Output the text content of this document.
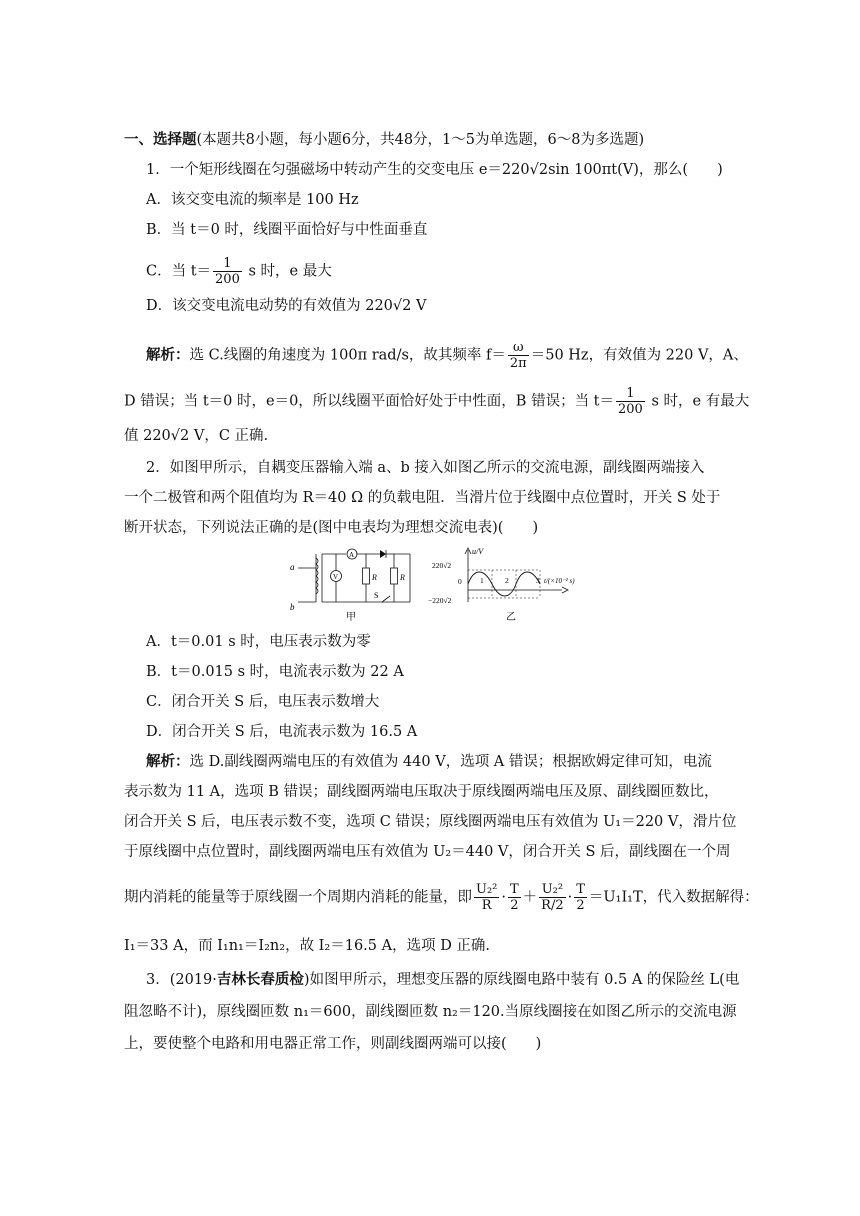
一、选择题(本题共8小题，每小题6分，共48分，1～5为单选题，6～8为多选题)
1．一个矩形线圈在匀强磁场中转动产生的交变电压 e＝220√2sin 100πt(V)，那么(　　)
A．该交变电流的频率是 100 Hz
B．当 t＝0 时，线圈平面恰好与中性面垂直
C．当 $t= \frac{1}{200}$ s 时，e 最大
D．该交变电流电动势的有效值为 220√2 V
解析：选 C.线圈的角速度为 100π rad/s，故其频率 $f= \frac{\omega}{2\pi} =50$ Hz，有效值为 220 V，A、
D 错误；当 t＝0 时，e＝0，所以线圈平面恰好处于中性面，B 错误；当 $t= \frac{1}{200}$ s 时，e 有最大
值 220√2 V，C 正确.
2．如图甲所示，自耦变压器输入端 a、b 接入如图乙所示的交流电源，副线圈两端接入
一个二极管和两个阻值均为 R＝40 Ω 的负载电阻．当滑片位于线圈中点位置时，开关 S 处于
断开状态，下列说法正确的是(图中电表均为理想交流电表)(　　)
a
b
A
V	R	R
S
甲
u/V
220√2
0
−220√2
1	2	3 t/(×10⁻² s)
乙
A．t＝0.01 s 时，电压表示数为零
B．t＝0.015 s 时，电流表示数为 22 A
C．闭合开关 S 后，电压表示数增大
D．闭合开关 S 后，电流表示数为 16.5 A
解析：选 D.副线圈两端电压的有效值为 440 V，选项 A 错误；根据欧姆定律可知，电流
表示数为 11 A，选项 B 错误；副线圈两端电压取决于原线圈两端电压及原、副线圈匝数比，
闭合开关 S 后，电压表示数不变，选项 C 错误；原线圈两端电压有效值为 U₁＝220 V，滑片位
于原线圈中点位置时，副线圈两端电压有效值为 U₂＝440 V，闭合开关 S 后，副线圈在一个周
期内消耗的能量等于原线圈一个周期内消耗的能量，即 $\frac{\text{U₂²}}{R} \cdot \frac{T}{2} + \frac{\text{U₂²}}{R/2} \cdot \frac{T}{2} =U_1I_1T$，代入数据解得：
I₁＝33 A，而 I₁n₁＝I₂n₂，故 I₂＝16.5 A，选项 D 正确.
3．(2019·吉林长春质检)如图甲所示，理想变压器的原线圈电路中装有 0.5 A 的保险丝 L(电
阻忽略不计)，原线圈匝数 n₁＝600，副线圈匝数 n₂＝120.当原线圈接在如图乙所示的交流电源
上，要使整个电路和用电器正常工作，则副线圈两端可以接(　　)
